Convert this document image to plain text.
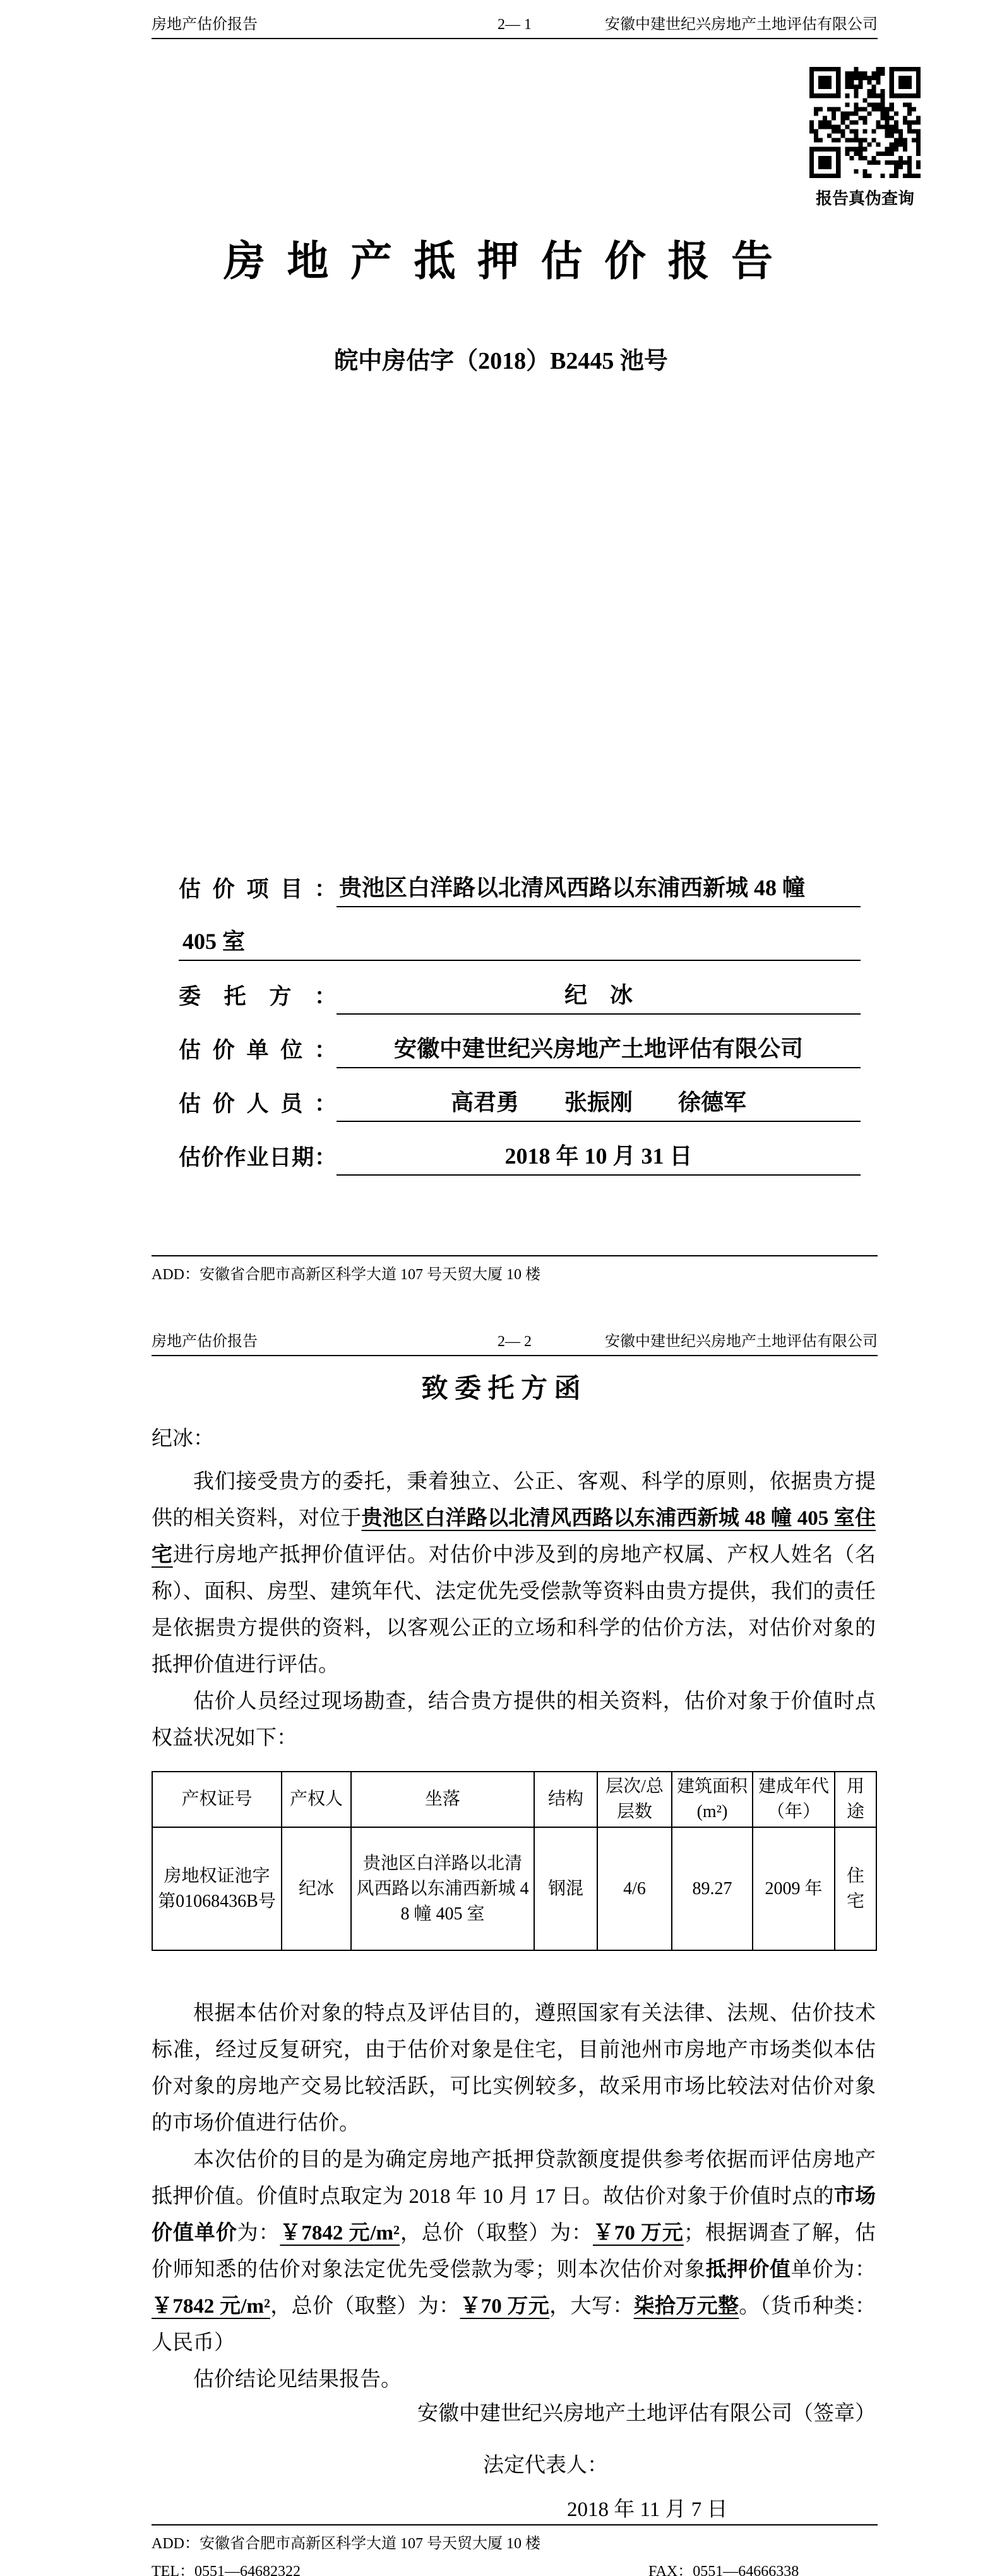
房地产估价报告	2— 1	安徽中建世纪兴房地产土地评估有限公司
报告真伪查询
房 地 产 抵 押 估 价 报 告
皖中房估字（2018）B2445 池号
估价项目： 贵池区白洋路以北清风西路以东浦西新城 48 幢
405 室
委托方：	纪　冰
估价单位：	安徽中建世纪兴房地产土地评估有限公司
估价人员：	高君勇　　张振刚　　徐德军
估价作业日期：	2018 年 10 月 31 日
ADD：安徽省合肥市高新区科学大道 107 号天贸大厦 10 楼
房地产估价报告	2— 2	安徽中建世纪兴房地产土地评估有限公司
致 委 托 方 函
纪冰：

我们接受贵方的委托，秉着独立、公正、客观、科学的原则，依据贵方提供的相关资料，对位于贵池区白洋路以北清风西路以东浦西新城 48 幢 405 室住宅进行房地产抵押价值评估。对估价中涉及到的房地产权属、产权人姓名（名称）、面积、房型、建筑年代、法定优先受偿款等资料由贵方提供，我们的责任是依据贵方提供的资料，以客观公正的立场和科学的估价方法，对估价对象的抵押价值进行评估。

估价人员经过现场勘查，结合贵方提供的相关资料，估价对象于价值时点权益状况如下：

产权证号	产权人	坐落	结构	层次/总层数	建筑面积(m²)	建成年代（年）	用途
房地权证池字第01068436B号	纪冰	贵池区白洋路以北清风西路以东浦西新城 48 幢 405 室	钢混	4/6	89.27	2009 年	住宅

根据本估价对象的特点及评估目的，遵照国家有关法律、法规、估价技术标准，经过反复研究，由于估价对象是住宅，目前池州市房地产市场类似本估价对象的房地产交易比较活跃，可比实例较多，故采用市场比较法对估价对象的市场价值进行估价。

本次估价的目的是为确定房地产抵押贷款额度提供参考依据而评估房地产抵押价值。价值时点取定为 2018 年 10 月 17 日。故估价对象于价值时点的市场价值单价为：￥7842 元/m²，总价（取整）为：￥70 万元；根据调查了解，估价师知悉的估价对象法定优先受偿款为零；则本次估价对象抵押价值单价为：￥7842 元/m²，总价（取整）为：￥70 万元，大写：柒拾万元整。（货币种类：人民币）

估价结论见结果报告。

安徽中建世纪兴房地产土地评估有限公司（签章）
法定代表人：
2018 年 11 月 7 日
ADD：安徽省合肥市高新区科学大道 107 号天贸大厦 10 楼
TEL：0551—64682322	FAX：0551—64666338
